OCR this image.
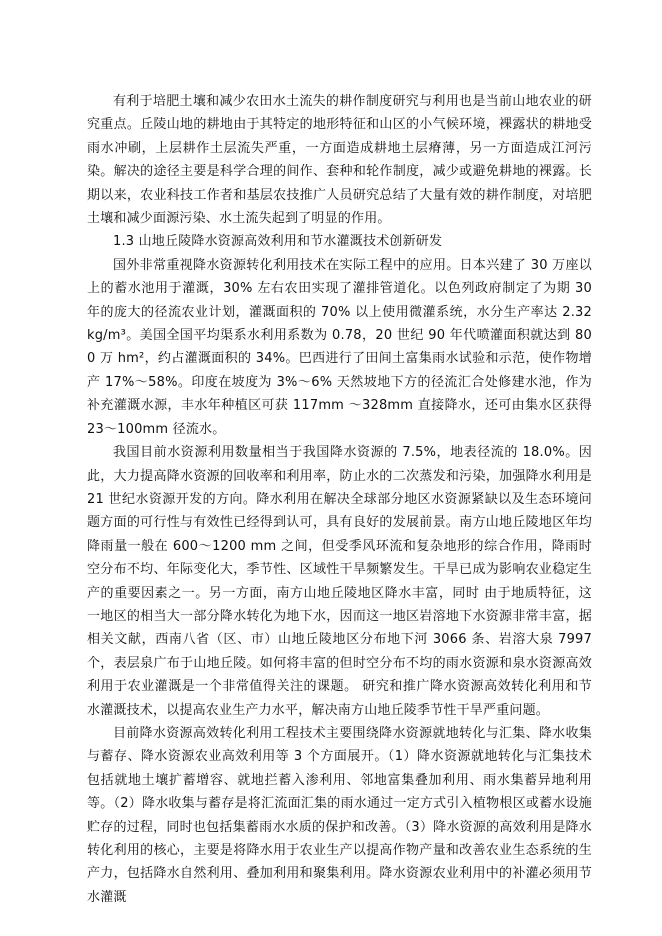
有利于培肥土壤和减少农田水土流失的耕作制度研究与利用也是当前山地农业的研究重点。丘陵山地的耕地由于其特定的地形特征和山区的小气候环境，裸露状的耕地受雨水冲刷，上层耕作土层流失严重，一方面造成耕地土层瘠薄，另一方面造成江河污染。解决的途径主要是科学合理的间作、套种和轮作制度，减少或避免耕地的裸露。长期以来，农业科技工作者和基层农技推广人员研究总结了大量有效的耕作制度，对培肥土壤和减少面源污染、水土流失起到了明显的作用。

1.3 山地丘陵降水资源高效利用和节水灌溉技术创新研发

国外非常重视降水资源转化利用技术在实际工程中的应用。日本兴建了 30 万座以上的蓄水池用于灌溉，30% 左右农田实现了灌排管道化。以色列政府制定了为期 30 年的庞大的径流农业计划，灌溉面积的 70% 以上使用微灌系统，水分生产率达 2.32 kg/m³。美国全国平均渠系水利用系数为 0.78，20 世纪 90 年代喷灌面积就达到 800 万 hm²，约占灌溉面积的 34%。巴西进行了田间土富集雨水试验和示范，使作物增产 17%～58%。印度在坡度为 3%～6% 天然坡地下方的径流汇合处修建水池，作为补充灌溉水源，丰水年种植区可获 117mm ～328mm 直接降水，还可由集水区获得 23～100mm 径流水。

我国目前水资源利用数量相当于我国降水资源的 7.5%，地表径流的 18.0%。因此，大力提高降水资源的回收率和利用率，防止水的二次蒸发和污染，加强降水利用是 21 世纪水资源开发的方向。降水利用在解决全球部分地区水资源紧缺以及生态环境问题方面的可行性与有效性已经得到认可，具有良好的发展前景。南方山地丘陵地区年均降雨量一般在 600～1200 mm 之间，但受季风环流和复杂地形的综合作用，降雨时空分布不均、年际变化大，季节性、区域性干旱频繁发生。干旱已成为影响农业稳定生产的重要因素之一。另一方面，南方山地丘陵地区降水丰富，同时 由于地质特征，这一地区的相当大一部分降水转化为地下水，因而这一地区岩溶地下水资源非常丰富，据相关文献，西南八省（区、市）山地丘陵地区分布地下河 3066 条、岩溶大泉 7997 个，表层泉广布于山地丘陵。如何将丰富的但时空分布不均的雨水资源和泉水资源高效利用于农业灌溉是一个非常值得关注的课题。 研究和推广降水资源高效转化利用和节水灌溉技术，以提高农业生产力水平，解决南方山地丘陵季节性干旱严重问题。

目前降水资源高效转化利用工程技术主要围绕降水资源就地转化与汇集、降水收集与蓄存、降水资源农业高效利用等 3 个方面展开。（1）降水资源就地转化与汇集技术包括就地土壤扩蓄增容、就地拦蓄入渗利用、邻地富集叠加利用、雨水集蓄异地利用等。（2）降水收集与蓄存是将汇流面汇集的雨水通过一定方式引入植物根区或蓄水设施贮存的过程，同时也包括集蓄雨水水质的保护和改善。（3）降水资源的高效利用是降水转化利用的核心，主要是将降水用于农业生产以提高作物产量和改善农业生态系统的生产力，包括降水自然利用、叠加利用和聚集利用。降水资源农业利用中的补灌必须用节水灌溉
